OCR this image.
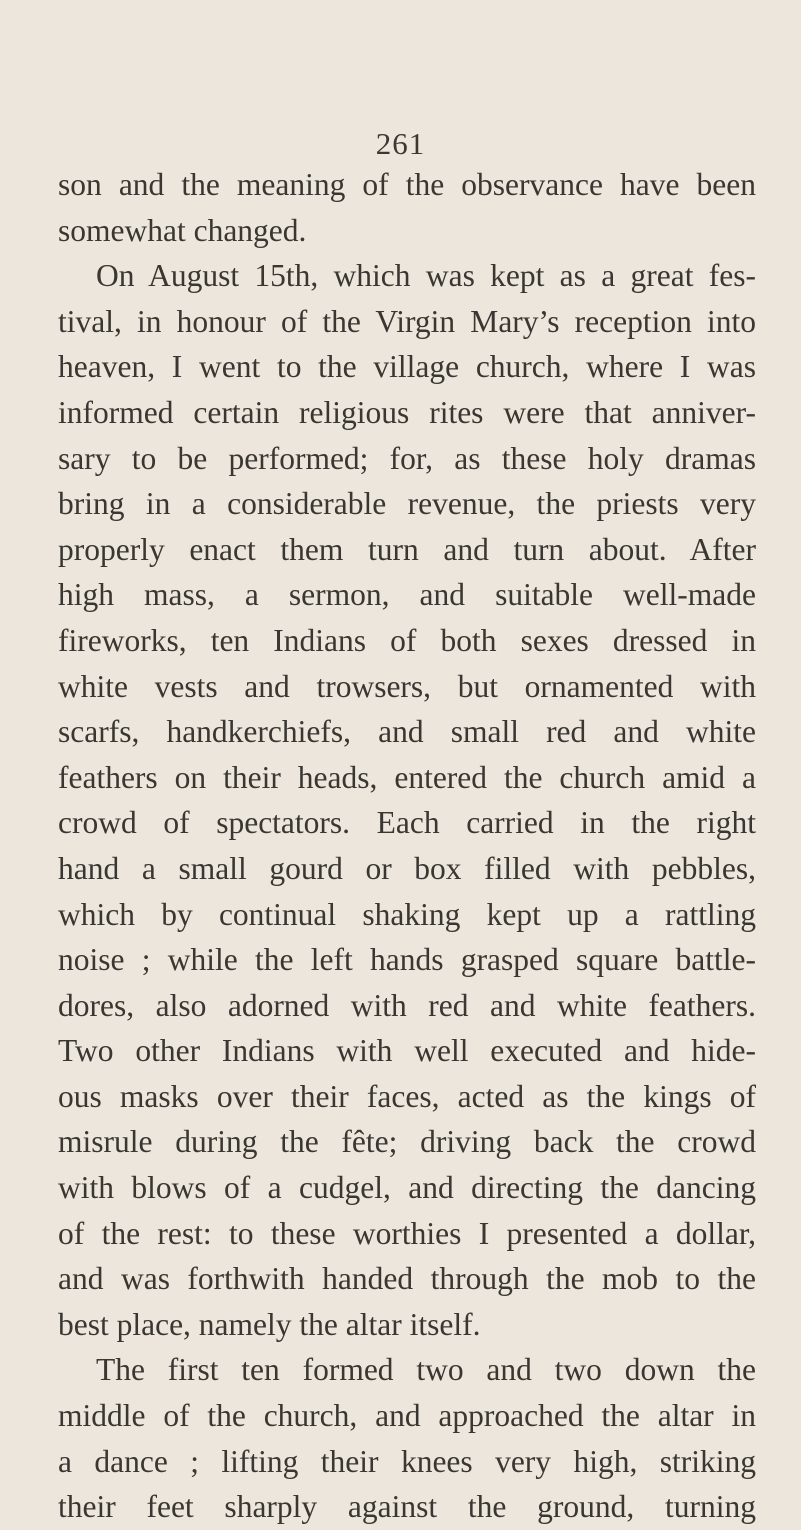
261
son and the meaning of the observance have been
somewhat changed.
On August 15th, which was kept as a great fes-
tival, in honour of the Virgin Mary’s reception into
heaven, I went to the village church, where I was
informed certain religious rites were that anniver-
sary to be performed; for, as these holy dramas
bring in a considerable revenue, the priests very
properly enact them turn and turn about. After
high mass, a sermon, and suitable well-made
fireworks, ten Indians of both sexes dressed in
white vests and trowsers, but ornamented with
scarfs, handkerchiefs, and small red and white
feathers on their heads, entered the church amid a
crowd of spectators. Each carried in the right
hand a small gourd or box filled with pebbles,
which by continual shaking kept up a rattling
noise ; while the left hands grasped square battle-
dores, also adorned with red and white feathers.
Two other Indians with well executed and hide-
ous masks over their faces, acted as the kings of
misrule during the fête; driving back the crowd
with blows of a cudgel, and directing the dancing
of the rest: to these worthies I presented a dollar,
and was forthwith handed through the mob to the
best place, namely the altar itself.
The first ten formed two and two down the
middle of the church, and approached the altar in
a dance ; lifting their knees very high, striking
their feet sharply against the ground, turning
